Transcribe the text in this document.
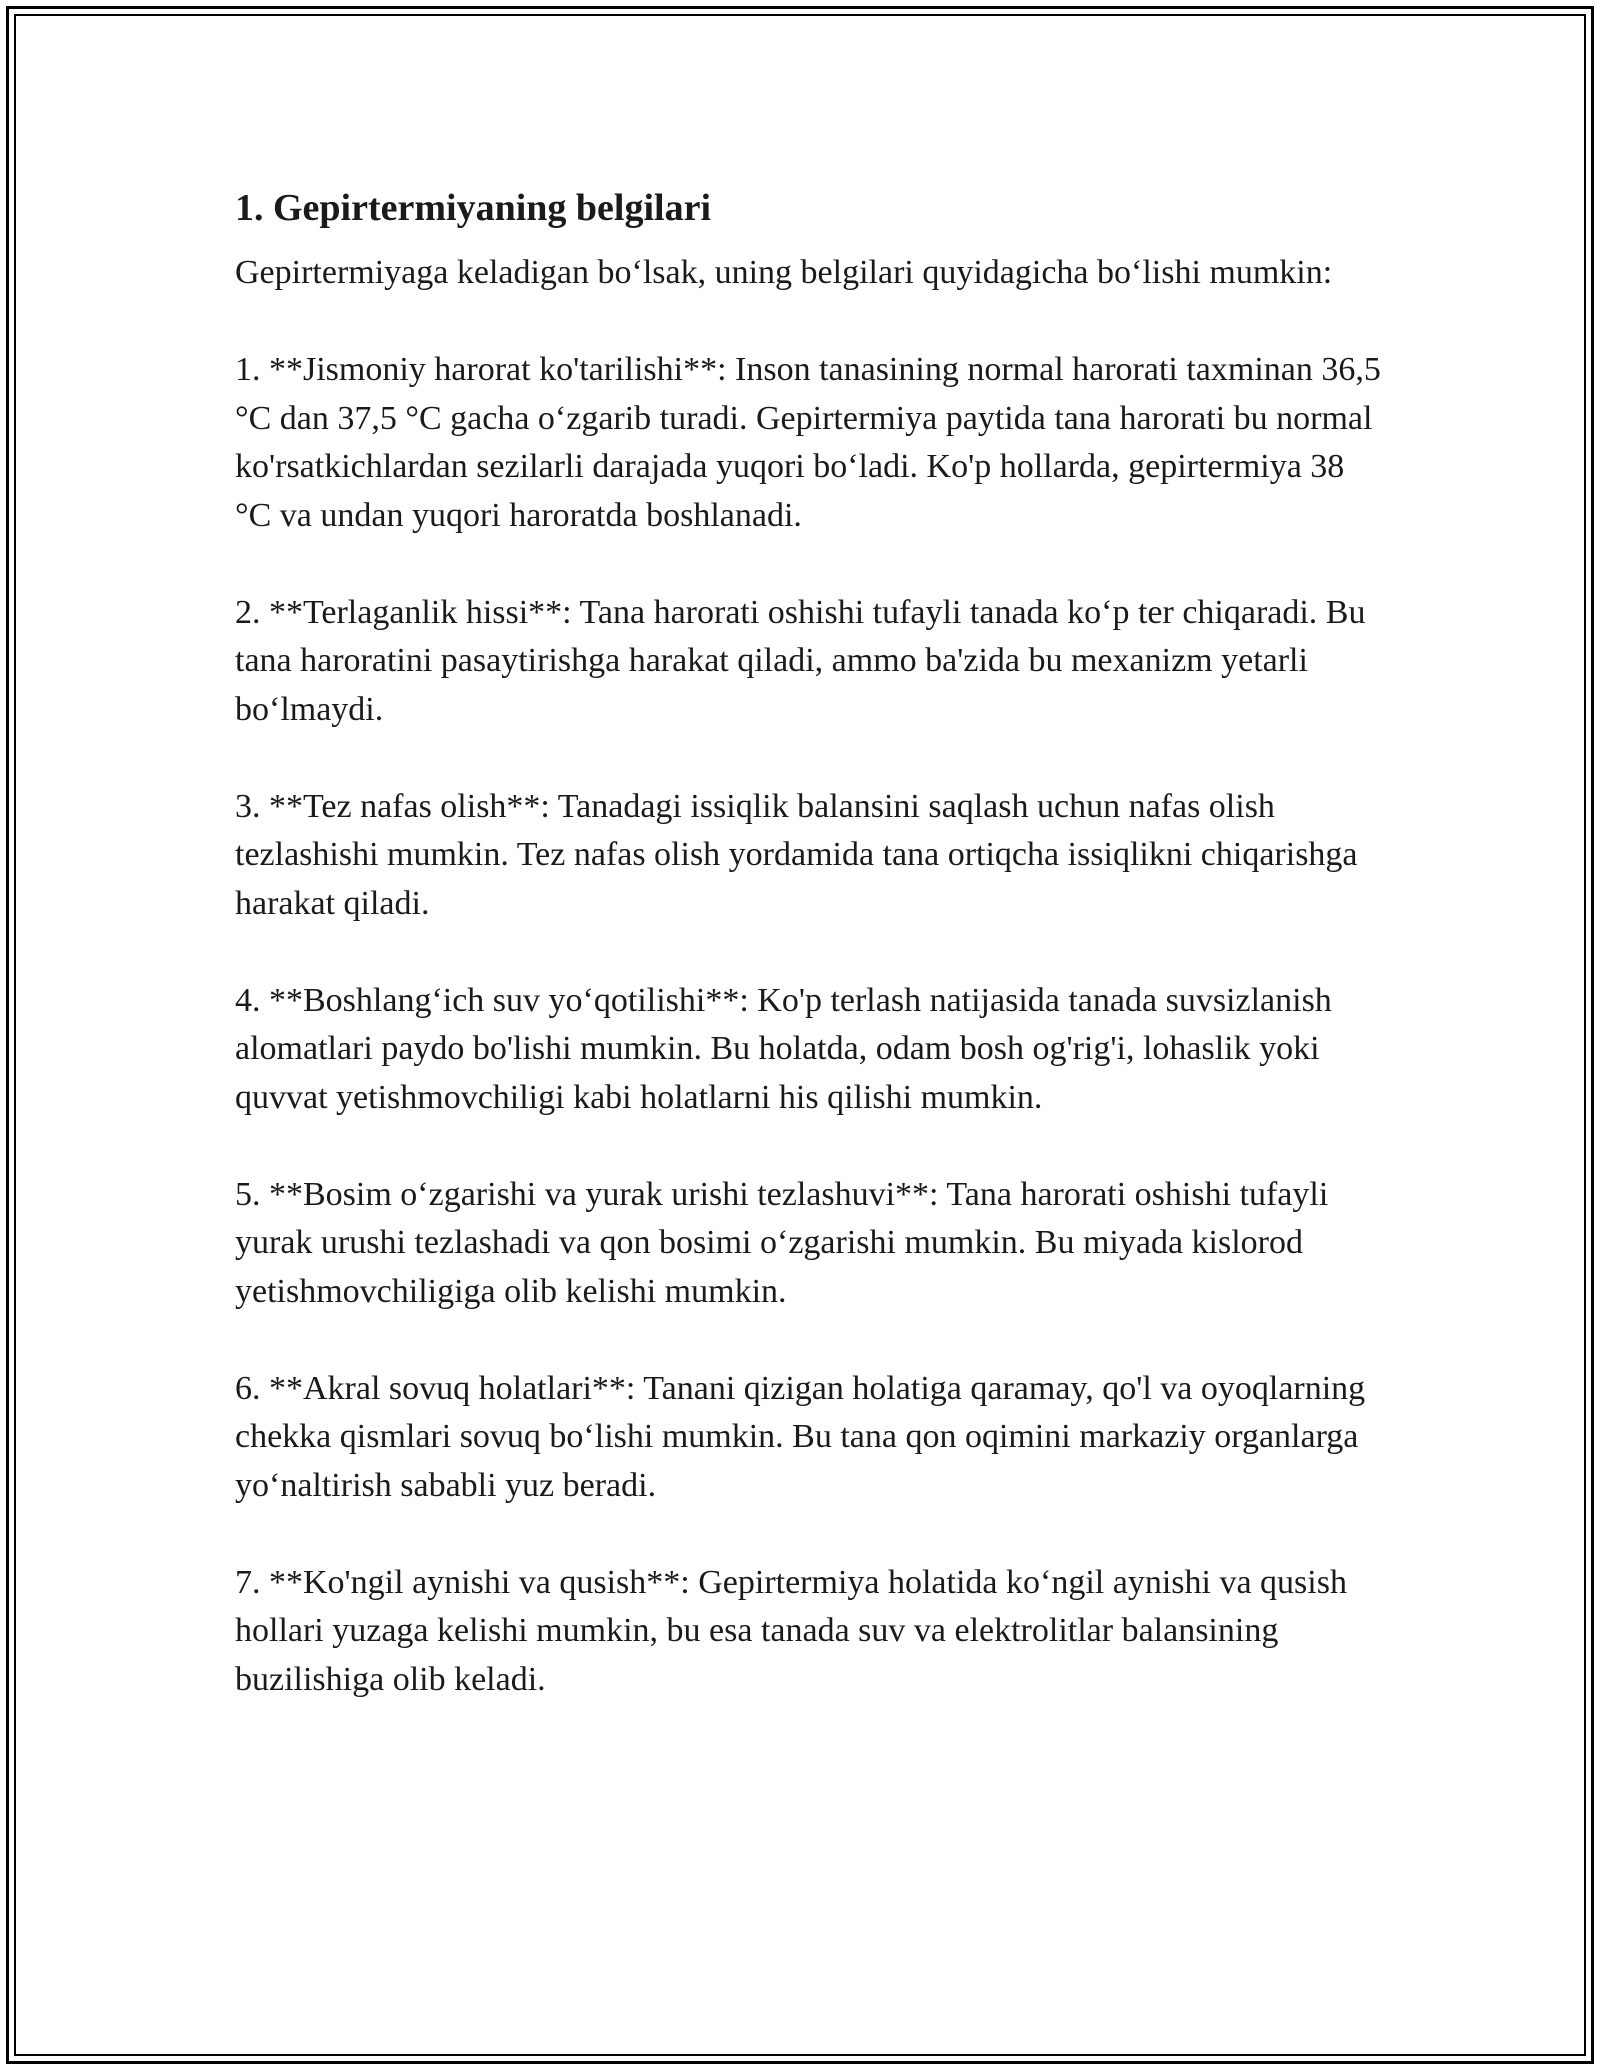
1. Gepirtermiyaning belgilari

Gepirtermiyaga keladigan bo‘lsak, uning belgilari quyidagicha bo‘lishi mumkin:

1. **Jismoniy harorat ko'tarilishi**: Inson tanasining normal harorati taxminan 36,5 °C dan 37,5 °C gacha o‘zgarib turadi. Gepirtermiya paytida tana harorati bu normal ko'rsatkichlardan sezilarli darajada yuqori bo‘ladi. Ko'p hollarda, gepirtermiya 38 °C va undan yuqori haroratda boshlanadi.

2. **Terlaganlik hissi**: Tana harorati oshishi tufayli tanada ko‘p ter chiqaradi. Bu tana haroratini pasaytirishga harakat qiladi, ammo ba'zida bu mexanizm yetarli bo‘lmaydi.

3. **Tez nafas olish**: Tanadagi issiqlik balansini saqlash uchun nafas olish tezlashishi mumkin. Tez nafas olish yordamida tana ortiqcha issiqlikni chiqarishga harakat qiladi.

4. **Boshlang‘ich suv yo‘qotilishi**: Ko'p terlash natijasida tanada suvsizlanish alomatlari paydo bo'lishi mumkin. Bu holatda, odam bosh og'rig'i, lohaslik yoki quvvat yetishmovchiligi kabi holatlarni his qilishi mumkin.

5. **Bosim o‘zgarishi va yurak urishi tezlashuvi**: Tana harorati oshishi tufayli yurak urushi tezlashadi va qon bosimi o‘zgarishi mumkin. Bu miyada kislorod yetishmovchiligiga olib kelishi mumkin.

6. **Akral sovuq holatlari**: Tanani qizigan holatiga qaramay, qo'l va oyoqlarning chekka qismlari sovuq bo‘lishi mumkin. Bu tana qon oqimini markaziy organlarga yo‘naltirish sababli yuz beradi.

7. **Ko'ngil aynishi va qusish**: Gepirtermiya holatida ko‘ngil aynishi va qusish hollari yuzaga kelishi mumkin, bu esa tanada suv va elektrolitlar balansining buzilishiga olib keladi.
